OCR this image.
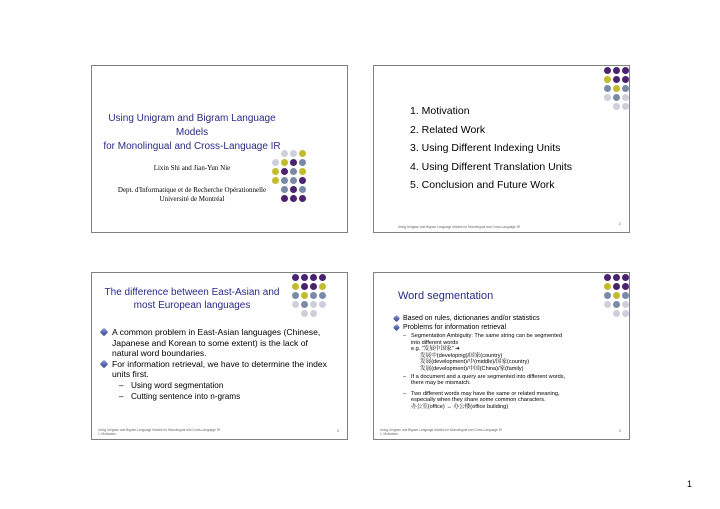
Using Unigram and Bigram Language Models
for Monolingual and Cross-Language IR
Lixin Shi and Jian-Yun Nie
Dept. d'Informatique et de Recherche Opérationnelle
Université de Montréal
1. Motivation
2. Related Work
3. Using Different Indexing Units
4. Using Different Translation Units
5. Conclusion and Future Work
Using Unigram and Bigram Language Models for Monolingual and Cross-Language IR
2
The difference between East-Asian and
most European languages
A common problem in East-Asian languages (Chinese, Japanese and Korean to some extent) is the lack of natural word boundaries.
For information retrieval, we have to determine the index units first.
– Using word segmentation
– Cutting sentence into n-grams
Using Unigram and Bigram Language Models for Monolingual and Cross-Language IR
1. Motivation
3
Word segmentation
Based on rules, dictionaries and/or statistics
Problems for information retrieval
– Segmentation Ambiguity: The same string can be segmented into different words
e.g. “发展中国家” ➔
发展中(developing)/国家(country)
发展(development)/中(middle)/国家(country)
发展(development)/中国(China)/家(family)
– If a document and a query are segmented into different words, there may be mismatch.
– Two different words may have the same or related meaning, especially when they share some common characters.
办公室(office) ↔ 办公楼(office building)
Using Unigram and Bigram Language Models for Monolingual and Cross-Language IR
1. Motivation
4
1
